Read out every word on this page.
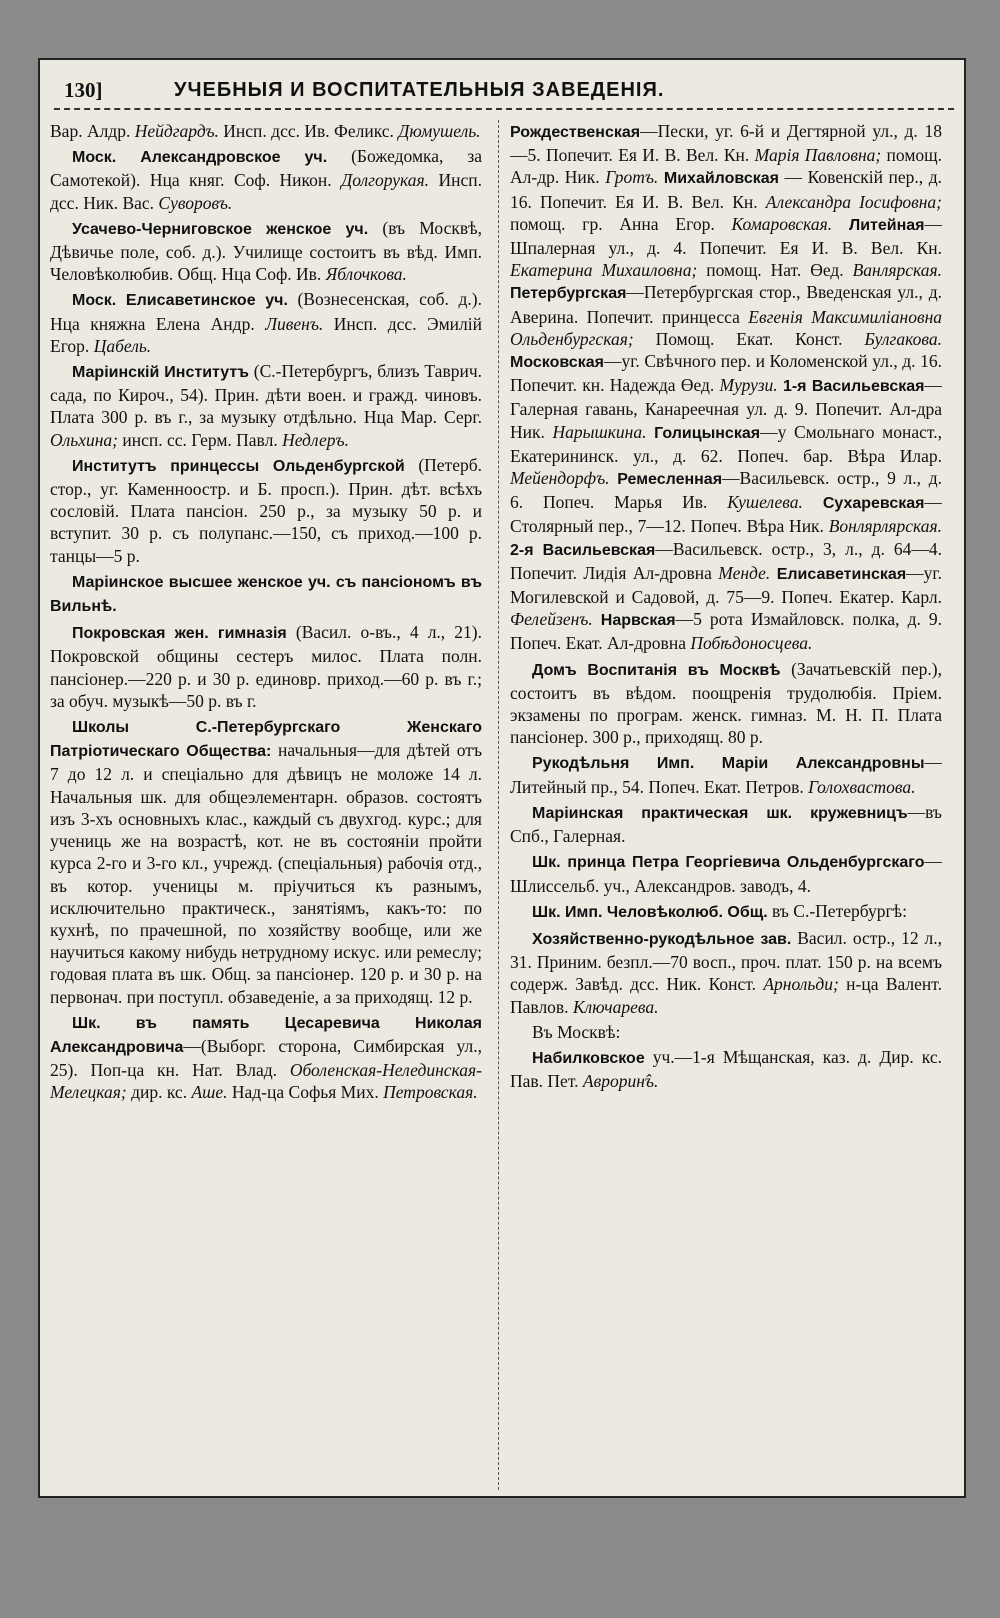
130]	УЧЕБНЫЯ И ВОСПИТАТЕЛЬНЫЯ ЗАВЕДЕНІЯ.

Вар. Алдр. Нейдгардъ. Инсп. дсс. Ив. Феликс. Дюмушель.

Моск. Александровское уч. (Божедомка, за Самотекой). Нца княг. Соф. Никон. Долгорукая. Инсп. дсс. Ник. Вас. Суворовъ.

Усачево-Черниговское женское уч. (въ Москвѣ, Дѣвичье поле, соб. д.). Училище состоитъ въ вѣд. Имп. Человѣколюбив. Общ. Нца Соф. Ив. Яблочкова.

Моск. Елисаветинское уч. (Вознесенская, соб. д.). Нца княжна Елена Андр. Ливенъ. Инсп. дсс. Эмилій Егор. Цабель.

Маріинскій Институтъ (С.-Петербургъ, близъ Таврич. сада, по Кироч., 54). Прин. дѣти воен. и гражд. чиновъ. Плата 300 р. въ г., за музыку отдѣльно. Нца Мар. Серг. Ольхина; инсп. сс. Герм. Павл. Недлеръ.

Институтъ принцессы Ольденбургской (Петерб. стор., уг. Каменноостр. и Б. просп.). Прин. дѣт. всѣхъ сословій. Плата пансіон. 250 р., за музыку 50 р. и вступит. 30 р. съ полупанс.—150, съ приход.—100 р. танцы—5 р.

Маріинское высшее женское уч. съ пансіономъ въ Вильнѣ.

Покровская жен. гимназія (Васил. о-въ., 4 л., 21). Покровской общины сестеръ милос. Плата полн. пансіонер.—220 р. и 30 р. единовр. приход.—60 р. въ г.; за обуч. музыкѣ—50 р. въ г.

Школы С.-Петербургскаго Женскаго Патріотическаго Общества: начальныя—для дѣтей отъ 7 до 12 л. и спеціально для дѣвицъ не моложе 14 л. Начальныя шк. для общеэлементарн. образов. состоятъ изъ 3-хъ основныхъ клас., каждый съ двухгод. курс.; для учениць же на возрастѣ, кот. не въ состояніи пройти курса 2-го и 3-го кл., учрежд. (спеціальныя) рабочія отд., въ котор. ученицы м. пріучиться къ разнымъ, исключительно практическ., занятіямъ, какъ-то: по кухнѣ, по прачешной, по хозяйству вообще, или же научиться какому нибудь нетрудному искус. или ремеслу; годовая плата въ шк. Общ. за пансіонер. 120 р. и 30 р. на первонач. при поступл. обзаведеніе, а за приходящ. 12 р.

Шк. въ память Цесаревича Николая Александровича—(Выборг. сторона, Симбирская ул., 25). Поп-ца кн. Нат. Влад. Оболенская-Нелединская-Мелецкая; дир. кс. Аше. Над-ца Софья Мих. Петровская.

Рождественская—Пески, уг. 6-й и Дегтярной ул., д. 18—5. Попечит. Ея И. В. Вел. Кн. Марія Павловна; помощ. Ал-др. Ник. Гротъ. Михайловская — Ковенскій пер., д. 16. Попечит. Ея И. В. Вел. Кн. Александра Іосифовна; помощ. гр. Анна Егор. Комаровская. Литейная—Шпалерная ул., д. 4. Попечит. Ея И. В. Вел. Кн. Екатерина Михаиловна; помощ. Нат. Өед. Ванлярская. Петербургская—Петербургская стор., Введенская ул., д. Аверина. Попечит. принцесса Евгенія Максимиліановна Ольденбургская; Помощ. Екат. Конст. Булгакова. Московская—уг. Свѣчного пер. и Коломенской ул., д. 16. Попечит. кн. Надежда Өед. Мурузи. 1-я Васильевская—Галерная гавань, Канареечная ул. д. 9. Попечит. Ал-дра Ник. Нарышкина. Голицынская—у Смольнаго монаст., Екатерининск. ул., д. 62. Попеч. бар. Вѣра Илар. Мейендорфъ. Ремесленная—Васильевск. остр., 9 л., д. 6. Попеч. Марья Ив. Кушелева. Сухаревская—Столярный пер., 7—12. Попеч. Вѣра Ник. Вонлярлярская. 2-я Васильевская—Васильевск. остр., 3, л., д. 64—4. Попечит. Лидія Ал-дровна Менде. Елисаветинская—уг. Могилевской и Садовой, д. 75—9. Попеч. Екатер. Карл. Фелейзенъ. Нарвская—5 рота Измайловск. полка, д. 9. Попеч. Екат. Ал-дровна Побѣдоносцева.

Домъ Воспитанія въ Москвѣ (Зачатьевскій пер.), состоитъ въ вѣдом. поощренія трудолюбія. Пріем. экзамены по програм. женск. гимназ. М. Н. П. Плата пансіонер. 300 р., приходящ. 80 р.

Рукодѣльня Имп. Маріи Александровны—Литейный пр., 54. Попеч. Екат. Петров. Голохвастова.

Маріинская практическая шк. кружевницъ—въ Спб., Галерная.

Шк. принца Петра Георгіевича Ольденбургскаго—Шлиссельб. уч., Александров. заводъ, 4.

Шк. Имп. Человѣколюб. Общ. въ С.-Петербургѣ:

Хозяйственно-рукодѣльное зав. Васил. остр., 12 л., 31. Приним. безпл.—70 восп., проч. плат. 150 р. на всемъ содерж. Завѣд. дсс. Ник. Конст. Арнольди; н-ца Валент. Павлов. Ключарева.

Въ Москвѣ:

Набилковское уч.—1-я Мѣщанская, каз. д. Дир. кс. Пав. Пет. Аврорин̂ъ.
